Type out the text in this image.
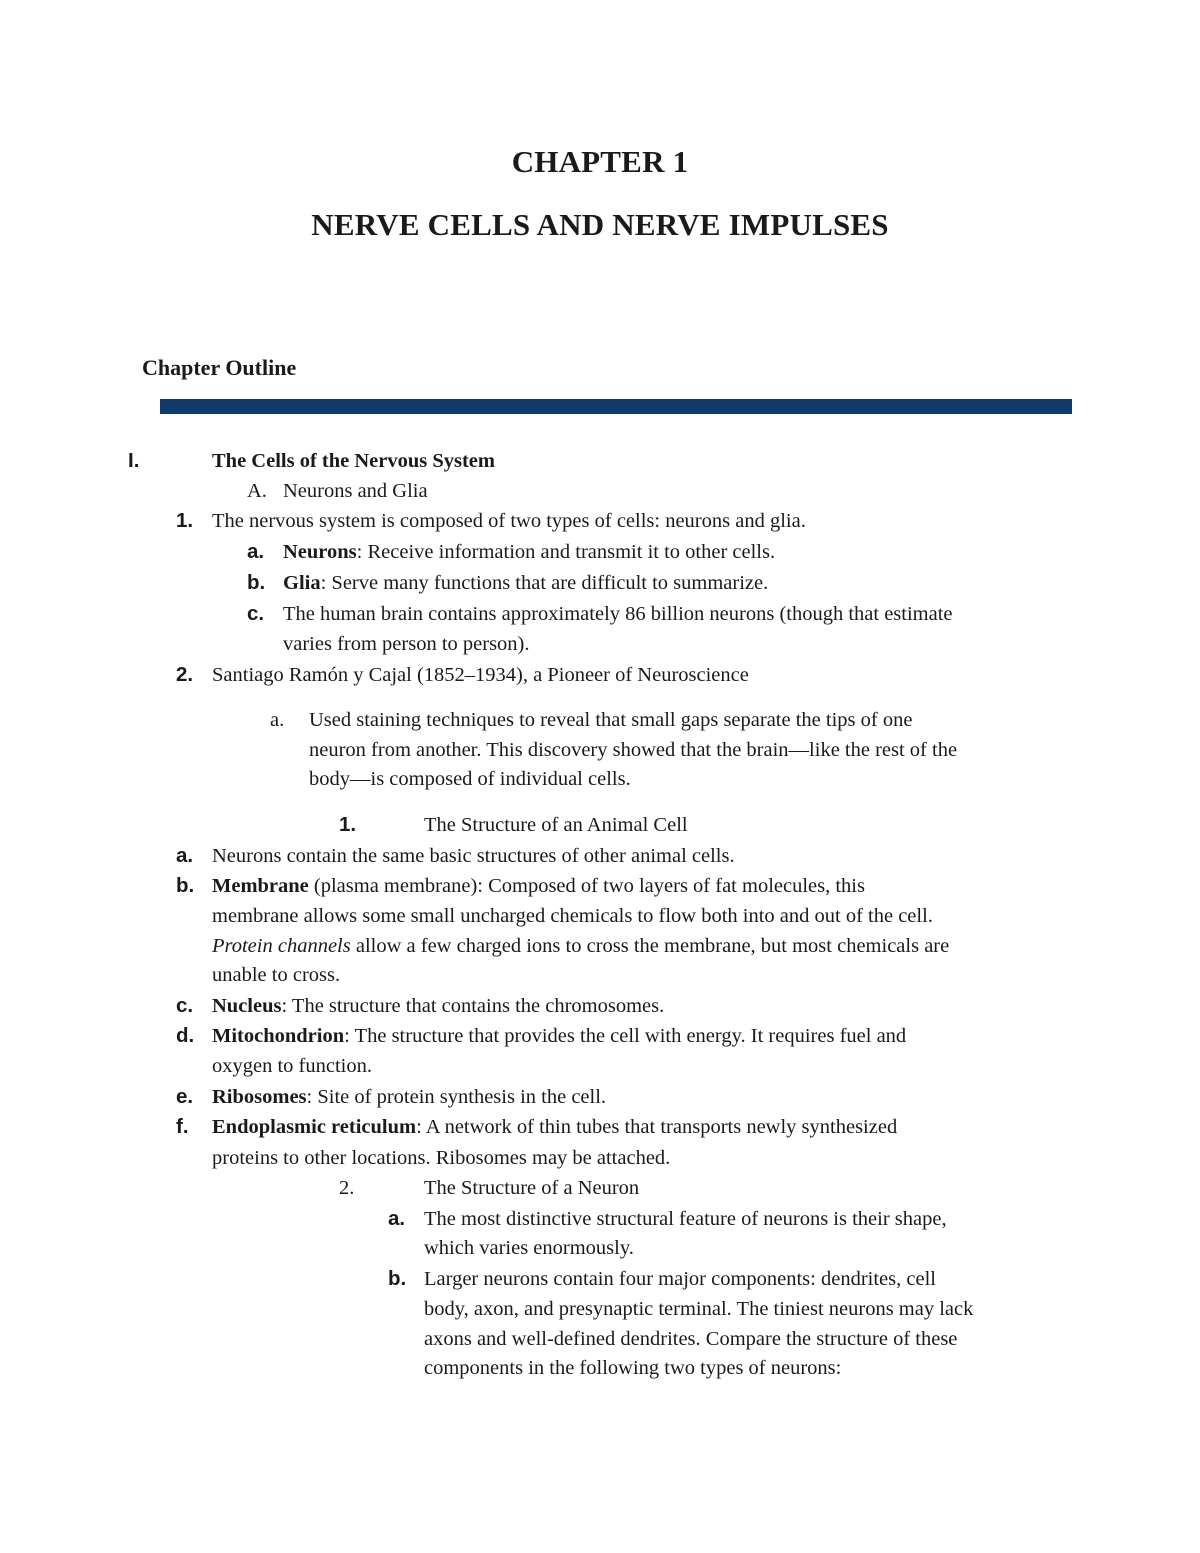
CHAPTER 1
NERVE CELLS AND NERVE IMPULSES
Chapter Outline
I.	The Cells of the Nervous System
A. Neurons and Glia
1. The nervous system is composed of two types of cells: neurons and glia.
a. Neurons: Receive information and transmit it to other cells.
b. Glia: Serve many functions that are difficult to summarize.
c. The human brain contains approximately 86 billion neurons (though that estimate
varies from person to person).
2. Santiago Ramón y Cajal (1852–1934), a Pioneer of Neuroscience
a. Used staining techniques to reveal that small gaps separate the tips of one
neuron from another. This discovery showed that the brain—like the rest of the
body—is composed of individual cells.
1.	The Structure of an Animal Cell
a. Neurons contain the same basic structures of other animal cells.
b. Membrane (plasma membrane): Composed of two layers of fat molecules, this
membrane allows some small uncharged chemicals to flow both into and out of the cell.
Protein channels allow a few charged ions to cross the membrane, but most chemicals are
unable to cross.
c. Nucleus: The structure that contains the chromosomes.
d. Mitochondrion: The structure that provides the cell with energy. It requires fuel and
oxygen to function.
e. Ribosomes: Site of protein synthesis in the cell.
f. Endoplasmic reticulum: A network of thin tubes that transports newly synthesized
proteins to other locations. Ribosomes may be attached.
2.	The Structure of a Neuron
a. The most distinctive structural feature of neurons is their shape,
which varies enormously.
b. Larger neurons contain four major components: dendrites, cell
body, axon, and presynaptic terminal. The tiniest neurons may lack
axons and well-defined dendrites. Compare the structure of these
components in the following two types of neurons:
